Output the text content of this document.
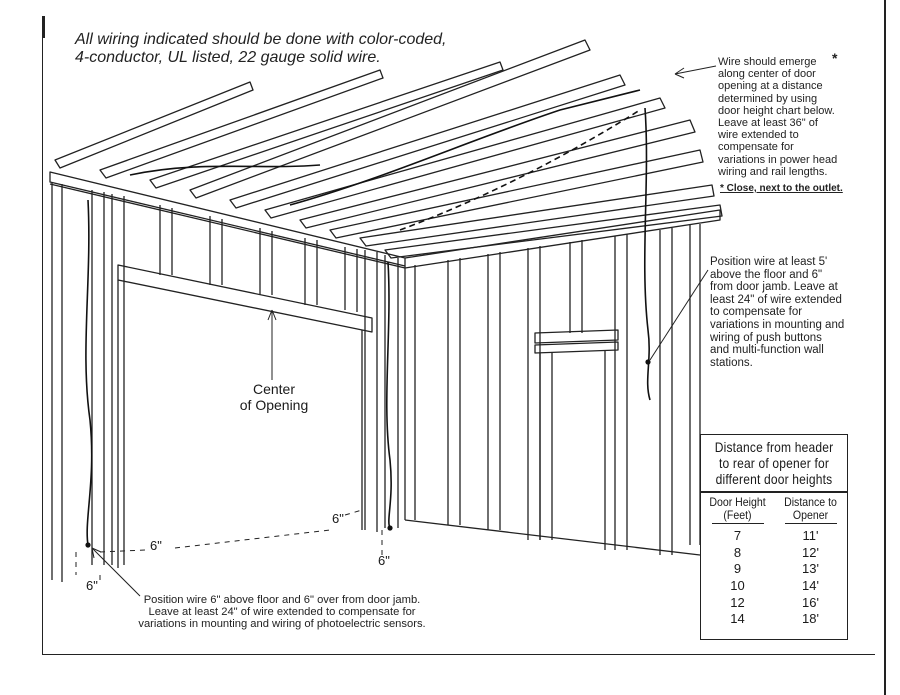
All wiring indicated should be done with color-coded,
4-conductor, UL listed, 22 gauge solid wire.	Wire should emerge
along center of door
opening at a distance
determined by using
door height chart below.
Leave at least 36" of
wire extended to
compensate for
variations in power head
wiring and rail lengths.
*
* Close, next to the outlet.
Position wire at least 5'
above the floor and 6"
from door jamb. Leave at
least 24" of wire extended
to compensate for
variations in mounting and
wiring of push buttons
and multi-function wall
stations.
Position wire 6" above floor and 6" over from door jamb.
Leave at least 24" of wire extended to compensate for
variations in mounting and wiring of photoelectric sensors.
Center
of Opening
6"
6"
6"
6"
Distance from header
to rear of opener for
different door heights
Door Height
(Feet)
Distance to
Opener
7	11'
8	12'
9	13'
10	14'
12	16'
14	18'
